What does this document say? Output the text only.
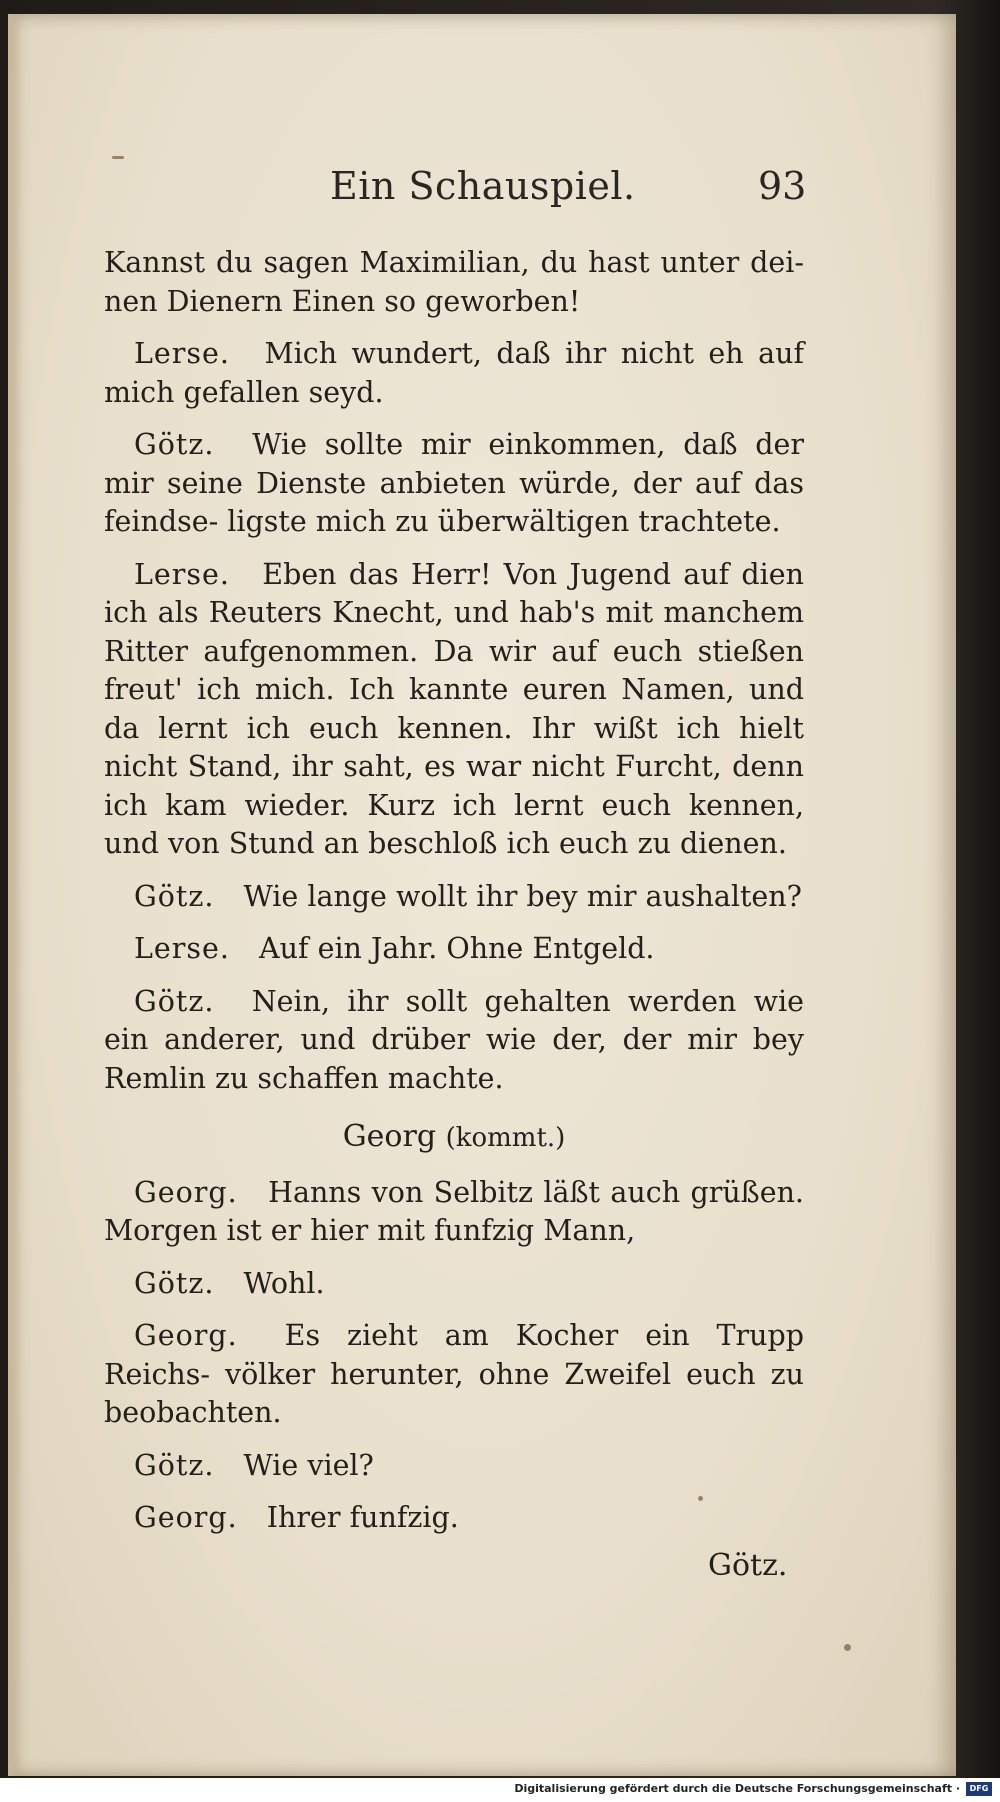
Ein Schauspiel.	93

Kannst du sagen Maximilian, du hast unter dei- nen Dienern Einen so geworben!

Lerse. Mich wundert, daß ihr nicht eh auf mich gefallen seyd.

Götz. Wie sollte mir einkommen, daß der mir seine Dienste anbieten würde, der auf das feindse- ligste mich zu überwältigen trachtete.

Lerse. Eben das Herr! Von Jugend auf dien ich als Reuters Knecht, und hab's mit manchem Ritter aufgenommen. Da wir auf euch stießen freut' ich mich. Ich kannte euren Namen, und da lernt ich euch kennen. Ihr wißt ich hielt nicht Stand, ihr saht, es war nicht Furcht, denn ich kam wieder. Kurz ich lernt euch kennen, und von Stund an beschloß ich euch zu dienen.

Götz. Wie lange wollt ihr bey mir aushalten?

Lerse. Auf ein Jahr. Ohne Entgeld.

Götz. Nein, ihr sollt gehalten werden wie ein anderer, und drüber wie der, der mir bey Remlin zu schaffen machte.

Georg (kommt.)

Georg. Hanns von Selbitz läßt auch grüßen. Morgen ist er hier mit funfzig Mann,

Götz. Wohl.

Georg. Es zieht am Kocher ein Trupp Reichs- völker herunter, ohne Zweifel euch zu beobachten.

Götz. Wie viel?

Georg. Ihrer funfzig.

Götz.
Digitalisierung gefördert durch die Deutsche Forschungsgemeinschaft ·	DFG
